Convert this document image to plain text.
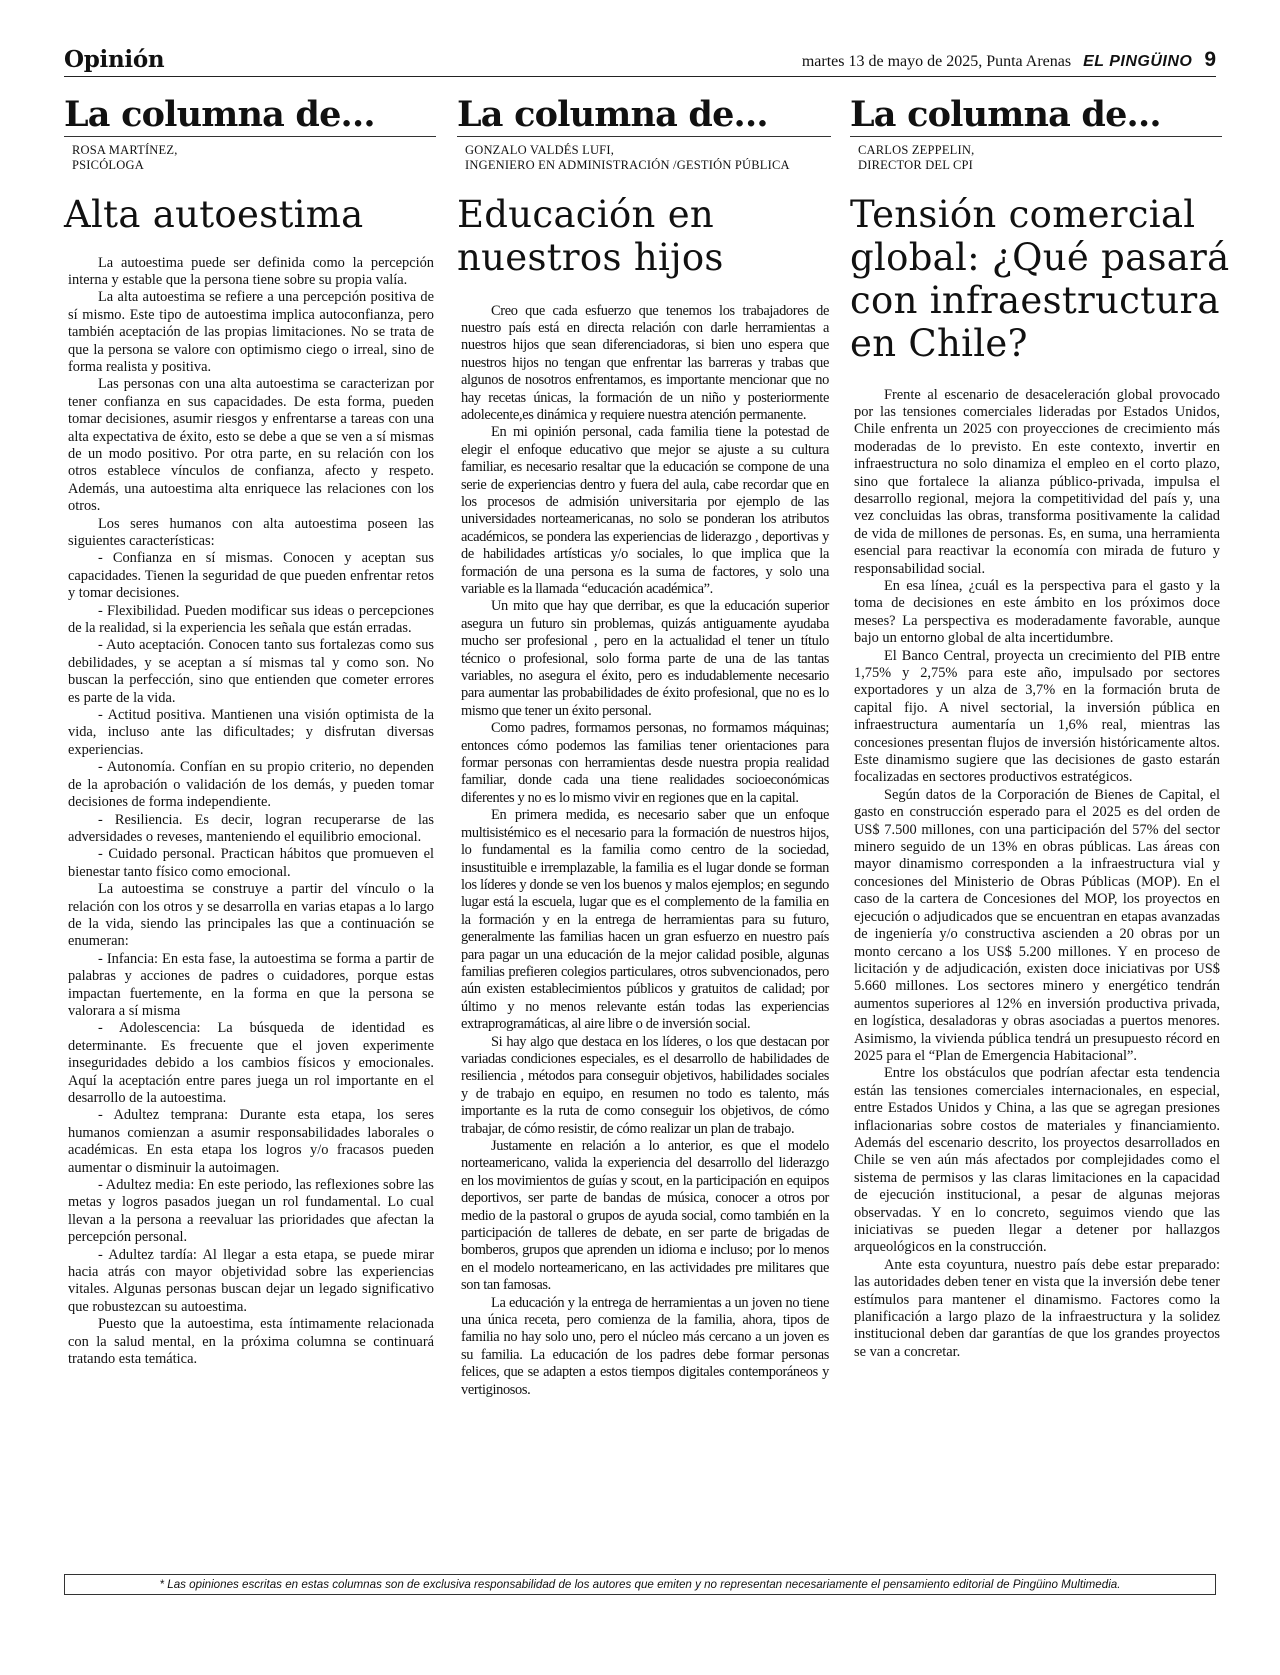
Opinión	martes 13 de mayo de 2025, Punta Arenas EL PINGÜINO 9
La columna de...
ROSA MARTÍNEZ,
PSICÓLOGA
Alta autoestima

La autoestima puede ser definida como la percepción interna y estable que la persona tiene sobre su propia valía.

La alta autoestima se refiere a una percepción positiva de sí mismo. Este tipo de autoestima implica autoconfianza, pero también aceptación de las propias limitaciones. No se trata de que la persona se valore con optimismo ciego o irreal, sino de forma realista y positiva.

Las personas con una alta autoestima se caracterizan por tener confianza en sus capacidades. De esta forma, pueden tomar decisiones, asumir riesgos y enfrentarse a tareas con una alta expectativa de éxito, esto se debe a que se ven a sí mismas de un modo positivo. Por otra parte, en su relación con los otros establece vínculos de confianza, afecto y respeto. Además, una autoestima alta enriquece las relaciones con los otros.

Los seres humanos con alta autoestima poseen las siguientes características:

- Confianza en sí mismas. Conocen y aceptan sus capacidades. Tienen la seguridad de que pueden enfrentar retos y tomar decisiones.

- Flexibilidad. Pueden modificar sus ideas o percepciones de la realidad, si la experiencia les señala que están erradas.

- Auto aceptación. Conocen tanto sus fortalezas como sus debilidades, y se aceptan a sí mismas tal y como son. No buscan la perfección, sino que entienden que cometer errores es parte de la vida.

- Actitud positiva. Mantienen una visión optimista de la vida, incluso ante las dificultades; y disfrutan diversas experiencias.

- Autonomía. Confían en su propio criterio, no dependen de la aprobación o validación de los demás, y pueden tomar decisiones de forma independiente.

- Resiliencia. Es decir, logran recuperarse de las adversidades o reveses, manteniendo el equilibrio emocional.

- Cuidado personal. Practican hábitos que promueven el bienestar tanto físico como emocional.

La autoestima se construye a partir del vínculo o la relación con los otros y se desarrolla en varias etapas a lo largo de la vida, siendo las principales las que a continuación se enumeran:

- Infancia: En esta fase, la autoestima se forma a partir de palabras y acciones de padres o cuidadores, porque estas impactan fuertemente, en la forma en que la persona se valorara a sí misma

- Adolescencia: La búsqueda de identidad es determinante. Es frecuente que el joven experimente inseguridades debido a los cambios físicos y emocionales. Aquí la aceptación entre pares juega un rol importante en el desarrollo de la autoestima.

- Adultez temprana: Durante esta etapa, los seres humanos comienzan a asumir responsabilidades laborales o académicas. En esta etapa los logros y/o fracasos pueden aumentar o disminuir la autoimagen.

- Adultez media: En este periodo, las reflexiones sobre las metas y logros pasados juegan un rol fundamental. Lo cual llevan a la persona a reevaluar las prioridades que afectan la percepción personal.

- Adultez tardía: Al llegar a esta etapa, se puede mirar hacia atrás con mayor objetividad sobre las experiencias vitales. Algunas personas buscan dejar un legado significativo que robustezcan su autoestima.

Puesto que la autoestima, esta íntimamente relacionada con la salud mental, en la próxima columna se continuará tratando esta temática.

La columna de...
GONZALO VALDÉS LUFI,
INGENIERO EN ADMINISTRACIÓN /GESTIÓN PÚBLICA
Educación en
nuestros hijos

Creo que cada esfuerzo que tenemos los trabajadores de nuestro país está en directa relación con darle herramientas a nuestros hijos que sean diferenciadoras, si bien uno espera que nuestros hijos no tengan que enfrentar las barreras y trabas que algunos de nosotros enfrentamos, es importante mencionar que no hay recetas únicas, la formación de un niño y posteriormente adolecente,es dinámica y requiere nuestra atención permanente.

En mi opinión personal, cada familia tiene la potestad de elegir el enfoque educativo que mejor se ajuste a su cultura familiar, es necesario resaltar que la educación se compone de una serie de experiencias dentro y fuera del aula, cabe recordar que en los procesos de admisión universitaria por ejemplo de las universidades norteamericanas, no solo se ponderan los atributos académicos, se pondera las experiencias de liderazgo , deportivas y de habilidades artísticas y/o sociales, lo que implica que la formación de una persona es la suma de factores, y solo una variable es la llamada “educación académica”.

Un mito que hay que derribar, es que la educación superior asegura un futuro sin problemas, quizás antiguamente ayudaba mucho ser profesional , pero en la actualidad el tener un título técnico o profesional, solo forma parte de una de las tantas variables, no asegura el éxito, pero es indudablemente necesario para aumentar las probabilidades de éxito profesional, que no es lo mismo que tener un éxito personal.

Como padres, formamos personas, no formamos máquinas; entonces cómo podemos las familias tener orientaciones para formar personas con herramientas desde nuestra propia realidad familiar, donde cada una tiene realidades socioeconómicas diferentes y no es lo mismo vivir en regiones que en la capital.

En primera medida, es necesario saber que un enfoque multisistémico es el necesario para la formación de nuestros hijos, lo fundamental es la familia como centro de la sociedad, insustituible e irremplazable, la familia es el lugar donde se forman los líderes y donde se ven los buenos y malos ejemplos; en segundo lugar está la escuela, lugar que es el complemento de la familia en la formación y en la entrega de herramientas para su futuro, generalmente las familias hacen un gran esfuerzo en nuestro país para pagar un una educación de la mejor calidad posible, algunas familias prefieren colegios particulares, otros subvencionados, pero aún existen establecimientos públicos y gratuitos de calidad; por último y no menos relevante están todas las experiencias extraprogramáticas, al aire libre o de inversión social.

Si hay algo que destaca en los líderes, o los que destacan por variadas condiciones especiales, es el desarrollo de habilidades de resiliencia , métodos para conseguir objetivos, habilidades sociales y de trabajo en equipo, en resumen no todo es talento, más importante es la ruta de como conseguir los objetivos, de cómo trabajar, de cómo resistir, de cómo realizar un plan de trabajo.

Justamente en relación a lo anterior, es que el modelo norteamericano, valida la experiencia del desarrollo del liderazgo en los movimientos de guías y scout, en la participación en equipos deportivos, ser parte de bandas de música, conocer a otros por medio de la pastoral o grupos de ayuda social, como también en la participación de talleres de debate, en ser parte de brigadas de bomberos, grupos que aprenden un idioma e incluso; por lo menos en el modelo norteamericano, en las actividades pre militares que son tan famosas.

La educación y la entrega de herramientas a un joven no tiene una única receta, pero comienza de la familia, ahora, tipos de familia no hay solo uno, pero el núcleo más cercano a un joven es su familia. La educación de los padres debe formar personas felices, que se adapten a estos tiempos digitales contemporáneos y vertiginosos.

La columna de...
CARLOS ZEPPELIN,
DIRECTOR DEL CPI
Tensión comercial
global: ¿Qué pasará
con infraestructura
en Chile?

Frente al escenario de desaceleración global provocado por las tensiones comerciales lideradas por Estados Unidos, Chile enfrenta un 2025 con proyecciones de crecimiento más moderadas de lo previsto. En este contexto, invertir en infraestructura no solo dinamiza el empleo en el corto plazo, sino que fortalece la alianza público-privada, impulsa el desarrollo regional, mejora la competitividad del país y, una vez concluidas las obras, transforma positivamente la calidad de vida de millones de personas. Es, en suma, una herramienta esencial para reactivar la economía con mirada de futuro y responsabilidad social.

En esa línea, ¿cuál es la perspectiva para el gasto y la toma de decisiones en este ámbito en los próximos doce meses? La perspectiva es moderadamente favorable, aunque bajo un entorno global de alta incertidumbre.

El Banco Central, proyecta un crecimiento del PIB entre 1,75% y 2,75% para este año, impulsado por sectores exportadores y un alza de 3,7% en la formación bruta de capital fijo. A nivel sectorial, la inversión pública en infraestructura aumentaría un 1,6% real, mientras las concesiones presentan flujos de inversión históricamente altos. Este dinamismo sugiere que las decisiones de gasto estarán focalizadas en sectores productivos estratégicos.

Según datos de la Corporación de Bienes de Capital, el gasto en construcción esperado para el 2025 es del orden de US$ 7.500 millones, con una participación del 57% del sector minero seguido de un 13% en obras públicas. Las áreas con mayor dinamismo corresponden a la infraestructura vial y concesiones del Ministerio de Obras Públicas (MOP). En el caso de la cartera de Concesiones del MOP, los proyectos en ejecución o adjudicados que se encuentran en etapas avanzadas de ingeniería y/o constructiva ascienden a 20 obras por un monto cercano a los US$ 5.200 millones. Y en proceso de licitación y de adjudicación, existen doce iniciativas por US$ 5.660 millones. Los sectores minero y energético tendrán aumentos superiores al 12% en inversión productiva privada, en logística, desaladoras y obras asociadas a puertos menores. Asimismo, la vivienda pública tendrá un presupuesto récord en 2025 para el “Plan de Emergencia Habitacional”.

Entre los obstáculos que podrían afectar esta tendencia están las tensiones comerciales internacionales, en especial, entre Estados Unidos y China, a las que se agregan presiones inflacionarias sobre costos de materiales y financiamiento. Además del escenario descrito, los proyectos desarrollados en Chile se ven aún más afectados por complejidades como el sistema de permisos y las claras limitaciones en la capacidad de ejecución institucional, a pesar de algunas mejoras observadas. Y en lo concreto, seguimos viendo que las iniciativas se pueden llegar a detener por hallazgos arqueológicos en la construcción.

Ante esta coyuntura, nuestro país debe estar preparado: las autoridades deben tener en vista que la inversión debe tener estímulos para mantener el dinamismo. Factores como la planificación a largo plazo de la infraestructura y la solidez institucional deben dar garantías de que los grandes proyectos se van a concretar.

* Las opiniones escritas en estas columnas son de exclusiva responsabilidad de los autores que emiten y no representan necesariamente el pensamiento editorial de Pingüino Multimedia.
